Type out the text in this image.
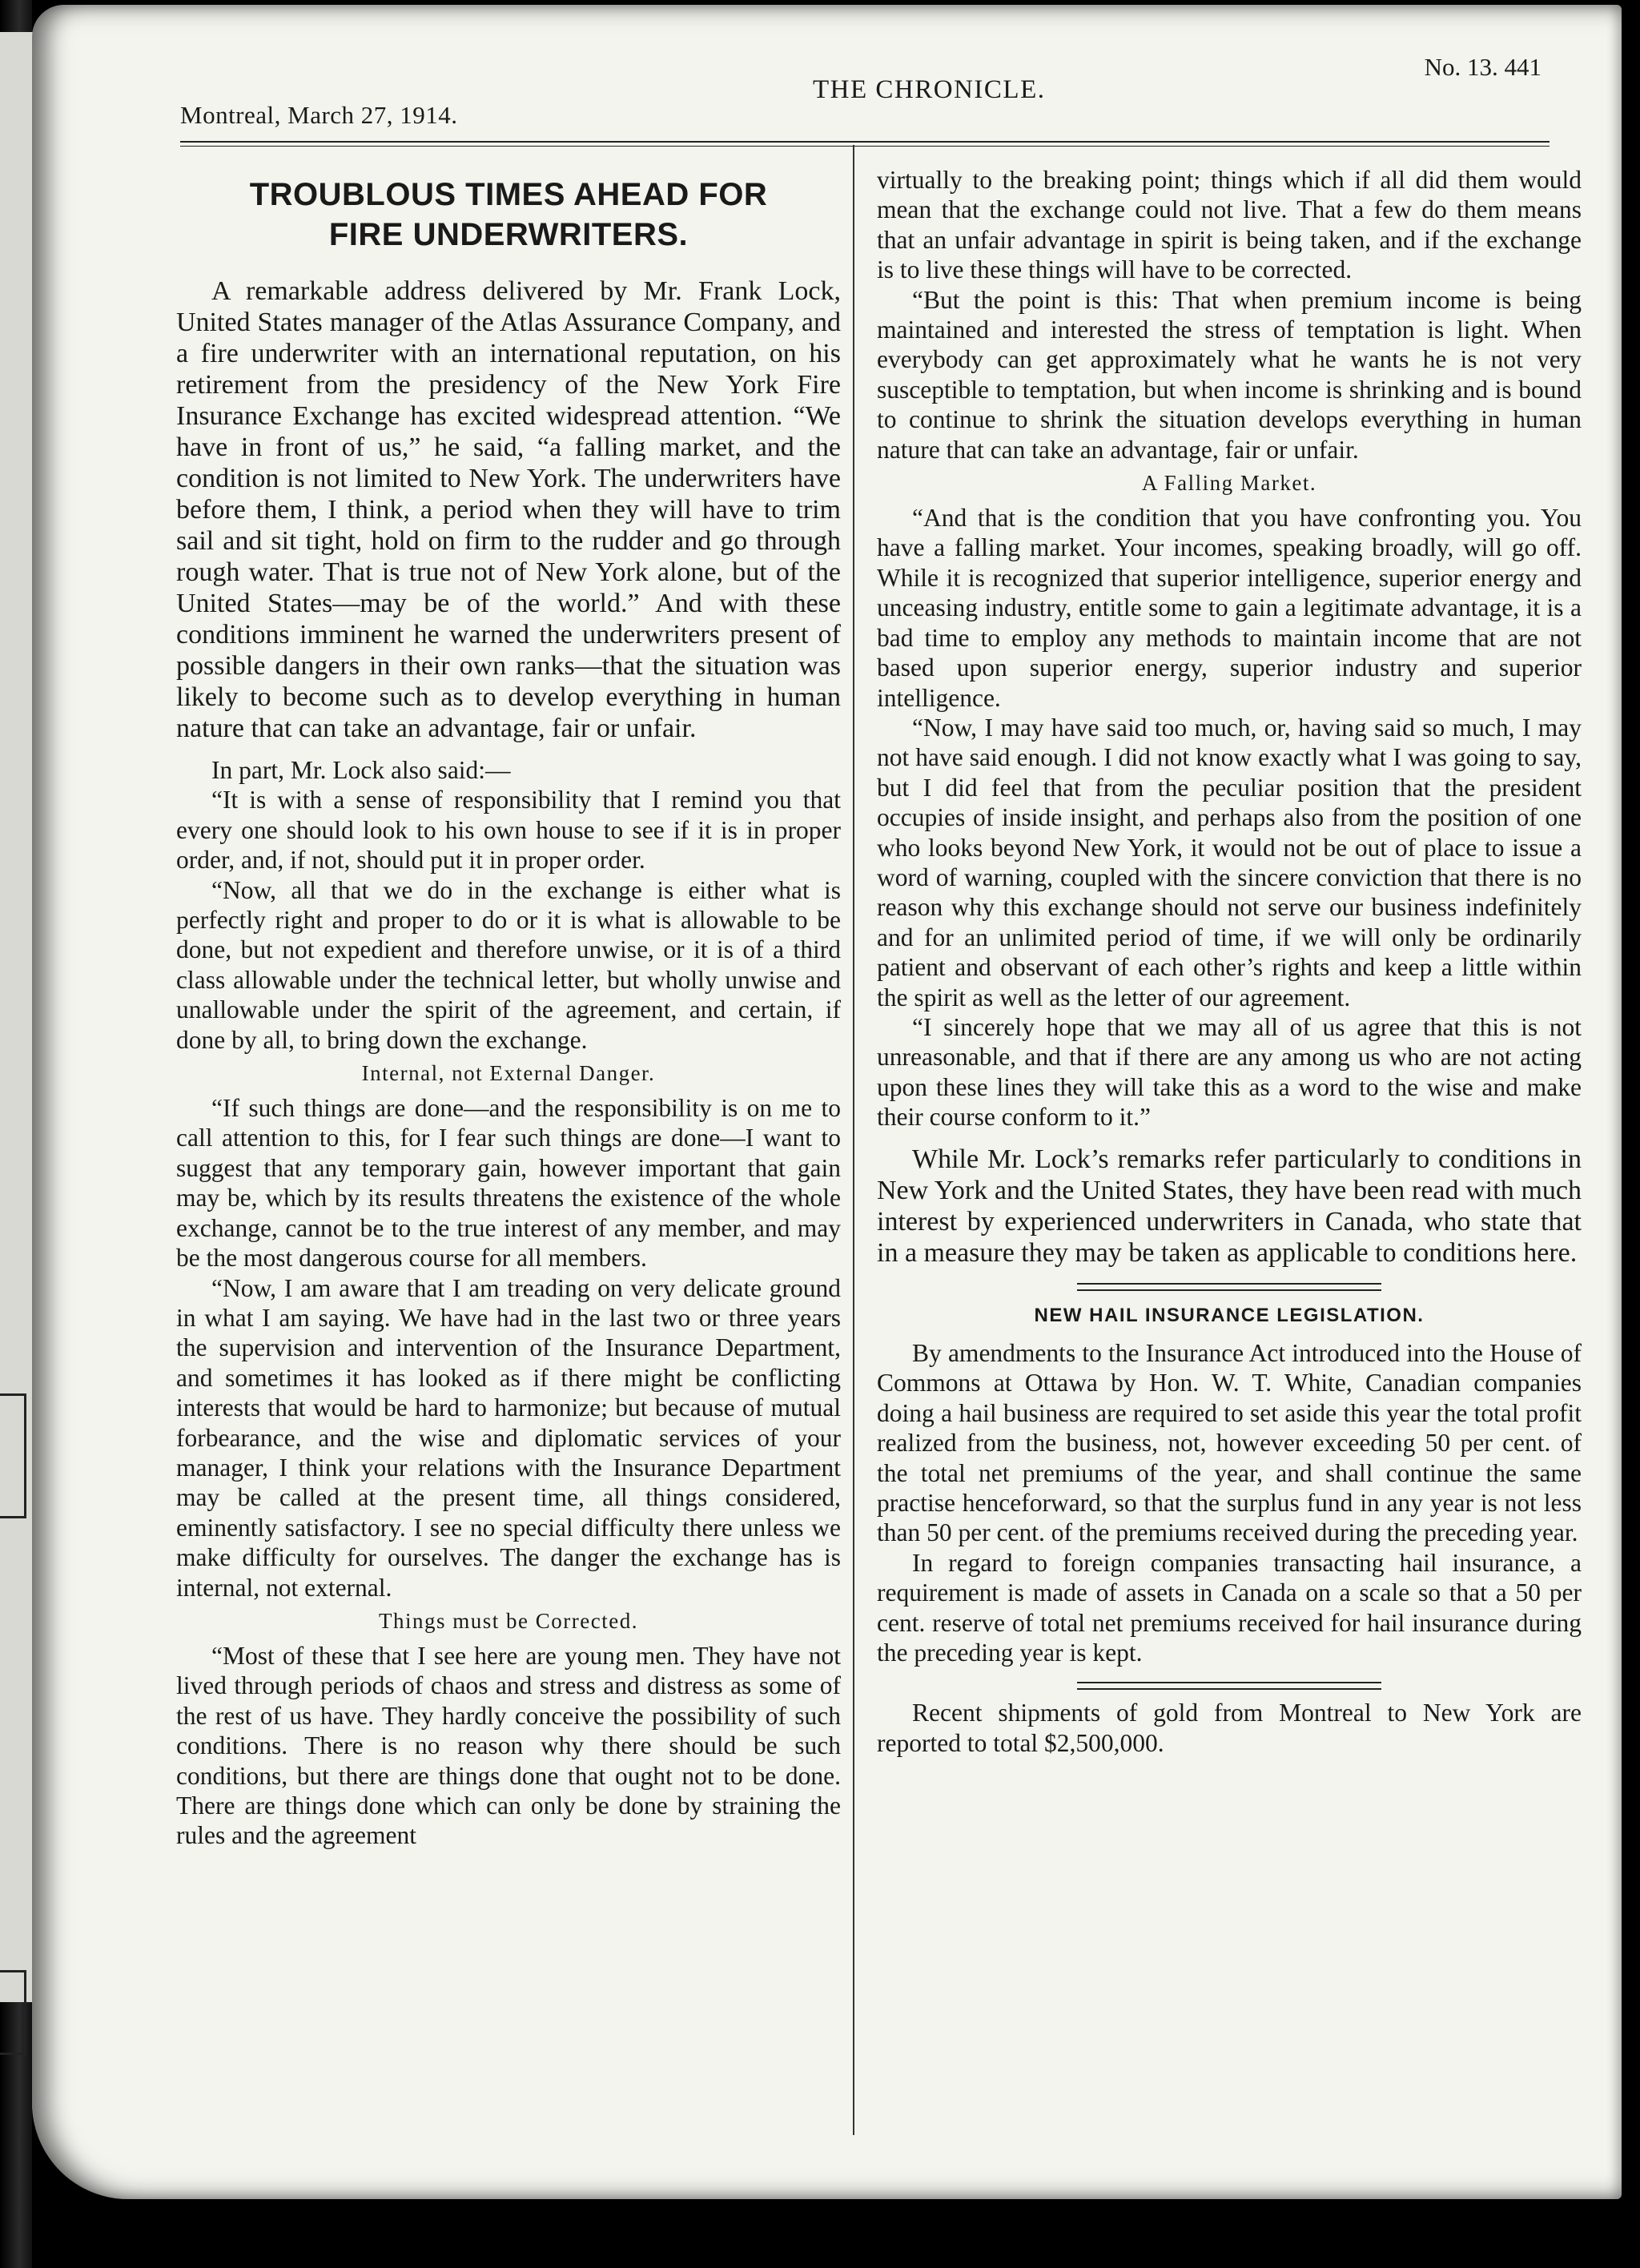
Montreal, March 27, 1914.
THE CHRONICLE.
No. 13. 441
TROUBLOUS TIMES AHEAD FOR
FIRE UNDERWRITERS.

A remarkable address delivered by Mr. Frank Lock, United States manager of the Atlas Assurance Company, and a fire underwriter with an international reputation, on his retirement from the presidency of the New York Fire Insurance Exchange has excited widespread attention. “We have in front of us,” he said, “a falling market, and the condition is not limited to New York. The underwriters have before them, I think, a period when they will have to trim sail and sit tight, hold on firm to the rudder and go through rough water. That is true not of New York alone, but of the United States—may be of the world.” And with these conditions imminent he warned the underwriters present of possible dangers in their own ranks—that the situation was likely to become such as to develop everything in human nature that can take an advantage, fair or unfair.

In part, Mr. Lock also said:—

“It is with a sense of responsibility that I remind you that every one should look to his own house to see if it is in proper order, and, if not, should put it in proper order.

“Now, all that we do in the exchange is either what is perfectly right and proper to do or it is what is allowable to be done, but not expedient and therefore unwise, or it is of a third class allowable under the technical letter, but wholly unwise and unallowable under the spirit of the agreement, and certain, if done by all, to bring down the exchange.

Internal, not External Danger.

“If such things are done—and the responsibility is on me to call attention to this, for I fear such things are done—I want to suggest that any temporary gain, however important that gain may be, which by its results threatens the existence of the whole exchange, cannot be to the true interest of any member, and may be the most dangerous course for all members.

“Now, I am aware that I am treading on very delicate ground in what I am saying. We have had in the last two or three years the supervision and intervention of the Insurance Department, and sometimes it has looked as if there might be conflicting interests that would be hard to harmonize; but because of mutual forbearance, and the wise and diplomatic services of your manager, I think your relations with the Insurance Department may be called at the present time, all things considered, eminently satisfactory. I see no special difficulty there unless we make difficulty for ourselves. The danger the exchange has is internal, not external.

Things must be Corrected.

“Most of these that I see here are young men. They have not lived through periods of chaos and stress and distress as some of the rest of us have. They hardly conceive the possibility of such conditions. There is no reason why there should be such conditions, but there are things done that ought not to be done. There are things done which can only be done by straining the rules and the agreement

virtually to the breaking point; things which if all did them would mean that the exchange could not live. That a few do them means that an unfair advantage in spirit is being taken, and if the exchange is to live these things will have to be corrected.

“But the point is this: That when premium income is being maintained and interested the stress of temptation is light. When everybody can get approximately what he wants he is not very susceptible to temptation, but when income is shrinking and is bound to continue to shrink the situation develops everything in human nature that can take an advantage, fair or unfair.

A Falling Market.

“And that is the condition that you have confronting you. You have a falling market. Your incomes, speaking broadly, will go off. While it is recognized that superior intelligence, superior energy and unceasing industry, entitle some to gain a legitimate advantage, it is a bad time to employ any methods to maintain income that are not based upon superior energy, superior industry and superior intelligence.

“Now, I may have said too much, or, having said so much, I may not have said enough. I did not know exactly what I was going to say, but I did feel that from the peculiar position that the president occupies of inside insight, and perhaps also from the position of one who looks beyond New York, it would not be out of place to issue a word of warning, coupled with the sincere conviction that there is no reason why this exchange should not serve our business indefinitely and for an unlimited period of time, if we will only be ordinarily patient and observant of each other’s rights and keep a little within the spirit as well as the letter of our agreement.

“I sincerely hope that we may all of us agree that this is not unreasonable, and that if there are any among us who are not acting upon these lines they will take this as a word to the wise and make their course conform to it.”

While Mr. Lock’s remarks refer particularly to conditions in New York and the United States, they have been read with much interest by experienced underwriters in Canada, who state that in a measure they may be taken as applicable to conditions here.

NEW HAIL INSURANCE LEGISLATION.

By amendments to the Insurance Act introduced into the House of Commons at Ottawa by Hon. W. T. White, Canadian companies doing a hail business are required to set aside this year the total profit realized from the business, not, however exceeding 50 per cent. of the total net premiums of the year, and shall continue the same practise henceforward, so that the surplus fund in any year is not less than 50 per cent. of the premiums received during the preceding year.

In regard to foreign companies transacting hail insurance, a requirement is made of assets in Canada on a scale so that a 50 per cent. reserve of total net premiums received for hail insurance during the preceding year is kept.

Recent shipments of gold from Montreal to New York are reported to total $2,500,000.
